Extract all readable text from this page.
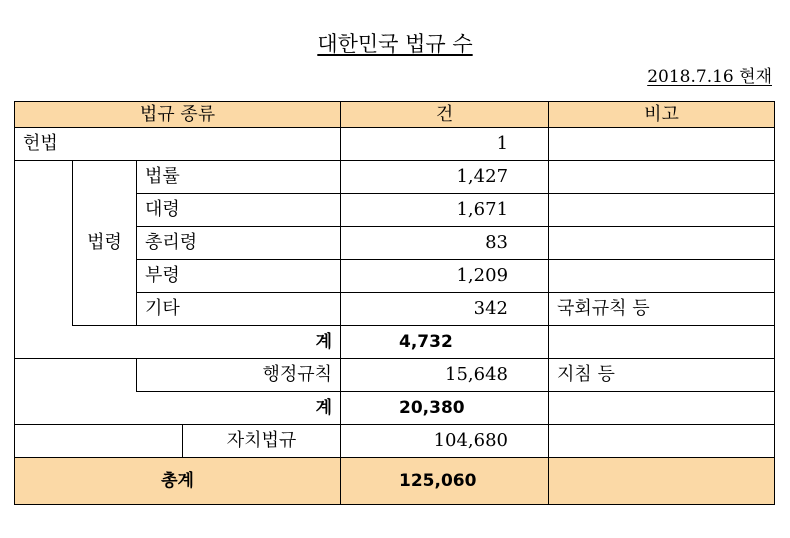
대한민국 법규 수
2018.7.16 현재
법규 종류				건	비고
헌법				1	
	법령	법률		1,427	
		대령		1,671	
		총리령		83	
		부령		1,209	
		기타		342	국회규칙 등
계				4,732	
		행정규칙		15,648	지침 등
계				20,380	
			자치법규	104,680	
총계				125,060	
